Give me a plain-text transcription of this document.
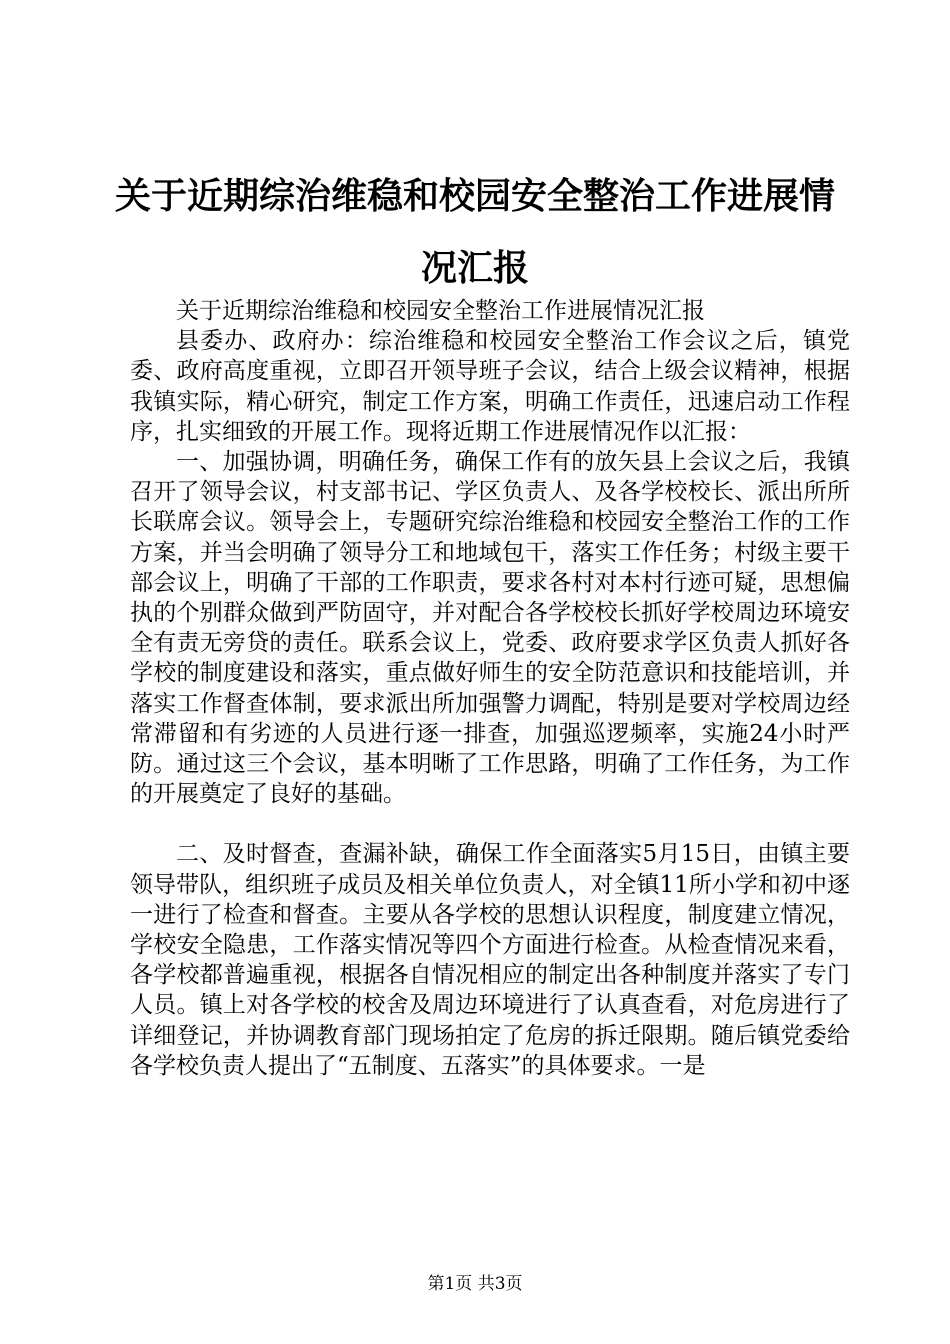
关于近期综治维稳和校园安全整治工作进展情况汇报

关于近期综治维稳和校园安全整治工作进展情况汇报

县委办、政府办：综治维稳和校园安全整治工作会议之后，镇党委、政府高度重视，立即召开领导班子会议，结合上级会议精神，根据我镇实际，精心研究，制定工作方案，明确工作责任，迅速启动工作程序，扎实细致的开展工作。现将近期工作进展情况作以汇报：

一、加强协调，明确任务，确保工作有的放矢县上会议之后，我镇召开了领导会议，村支部书记、学区负责人、及各学校校长、派出所所长联席会议。领导会上，专题研究综治维稳和校园安全整治工作的工作方案，并当会明确了领导分工和地域包干，落实工作任务；村级主要干部会议上，明确了干部的工作职责，要求各村对本村行迹可疑，思想偏执的个别群众做到严防固守，并对配合各学校校长抓好学校周边环境安全有责无旁贷的责任。联系会议上，党委、政府要求学区负责人抓好各学校的制度建设和落实，重点做好师生的安全防范意识和技能培训，并落实工作督查体制，要求派出所加强警力调配，特别是要对学校周边经常滞留和有劣迹的人员进行逐一排查，加强巡逻频率，实施24小时严防。通过这三个会议，基本明晰了工作思路，明确了工作任务，为工作的开展奠定了良好的基础。

二、及时督查，查漏补缺，确保工作全面落实5月15日，由镇主要领导带队，组织班子成员及相关单位负责人，对全镇11所小学和初中逐一进行了检查和督查。主要从各学校的思想认识程度，制度建立情况，学校安全隐患，工作落实情况等四个方面进行检查。从检查情况来看，各学校都普遍重视，根据各自情况相应的制定出各种制度并落实了专门人员。镇上对各学校的校舍及周边环境进行了认真查看，对危房进行了详细登记，并协调教育部门现场拍定了危房的拆迁限期。随后镇党委给各学校负责人提出了“五制度、五落实”的具体要求。一是

第1页 共3页
